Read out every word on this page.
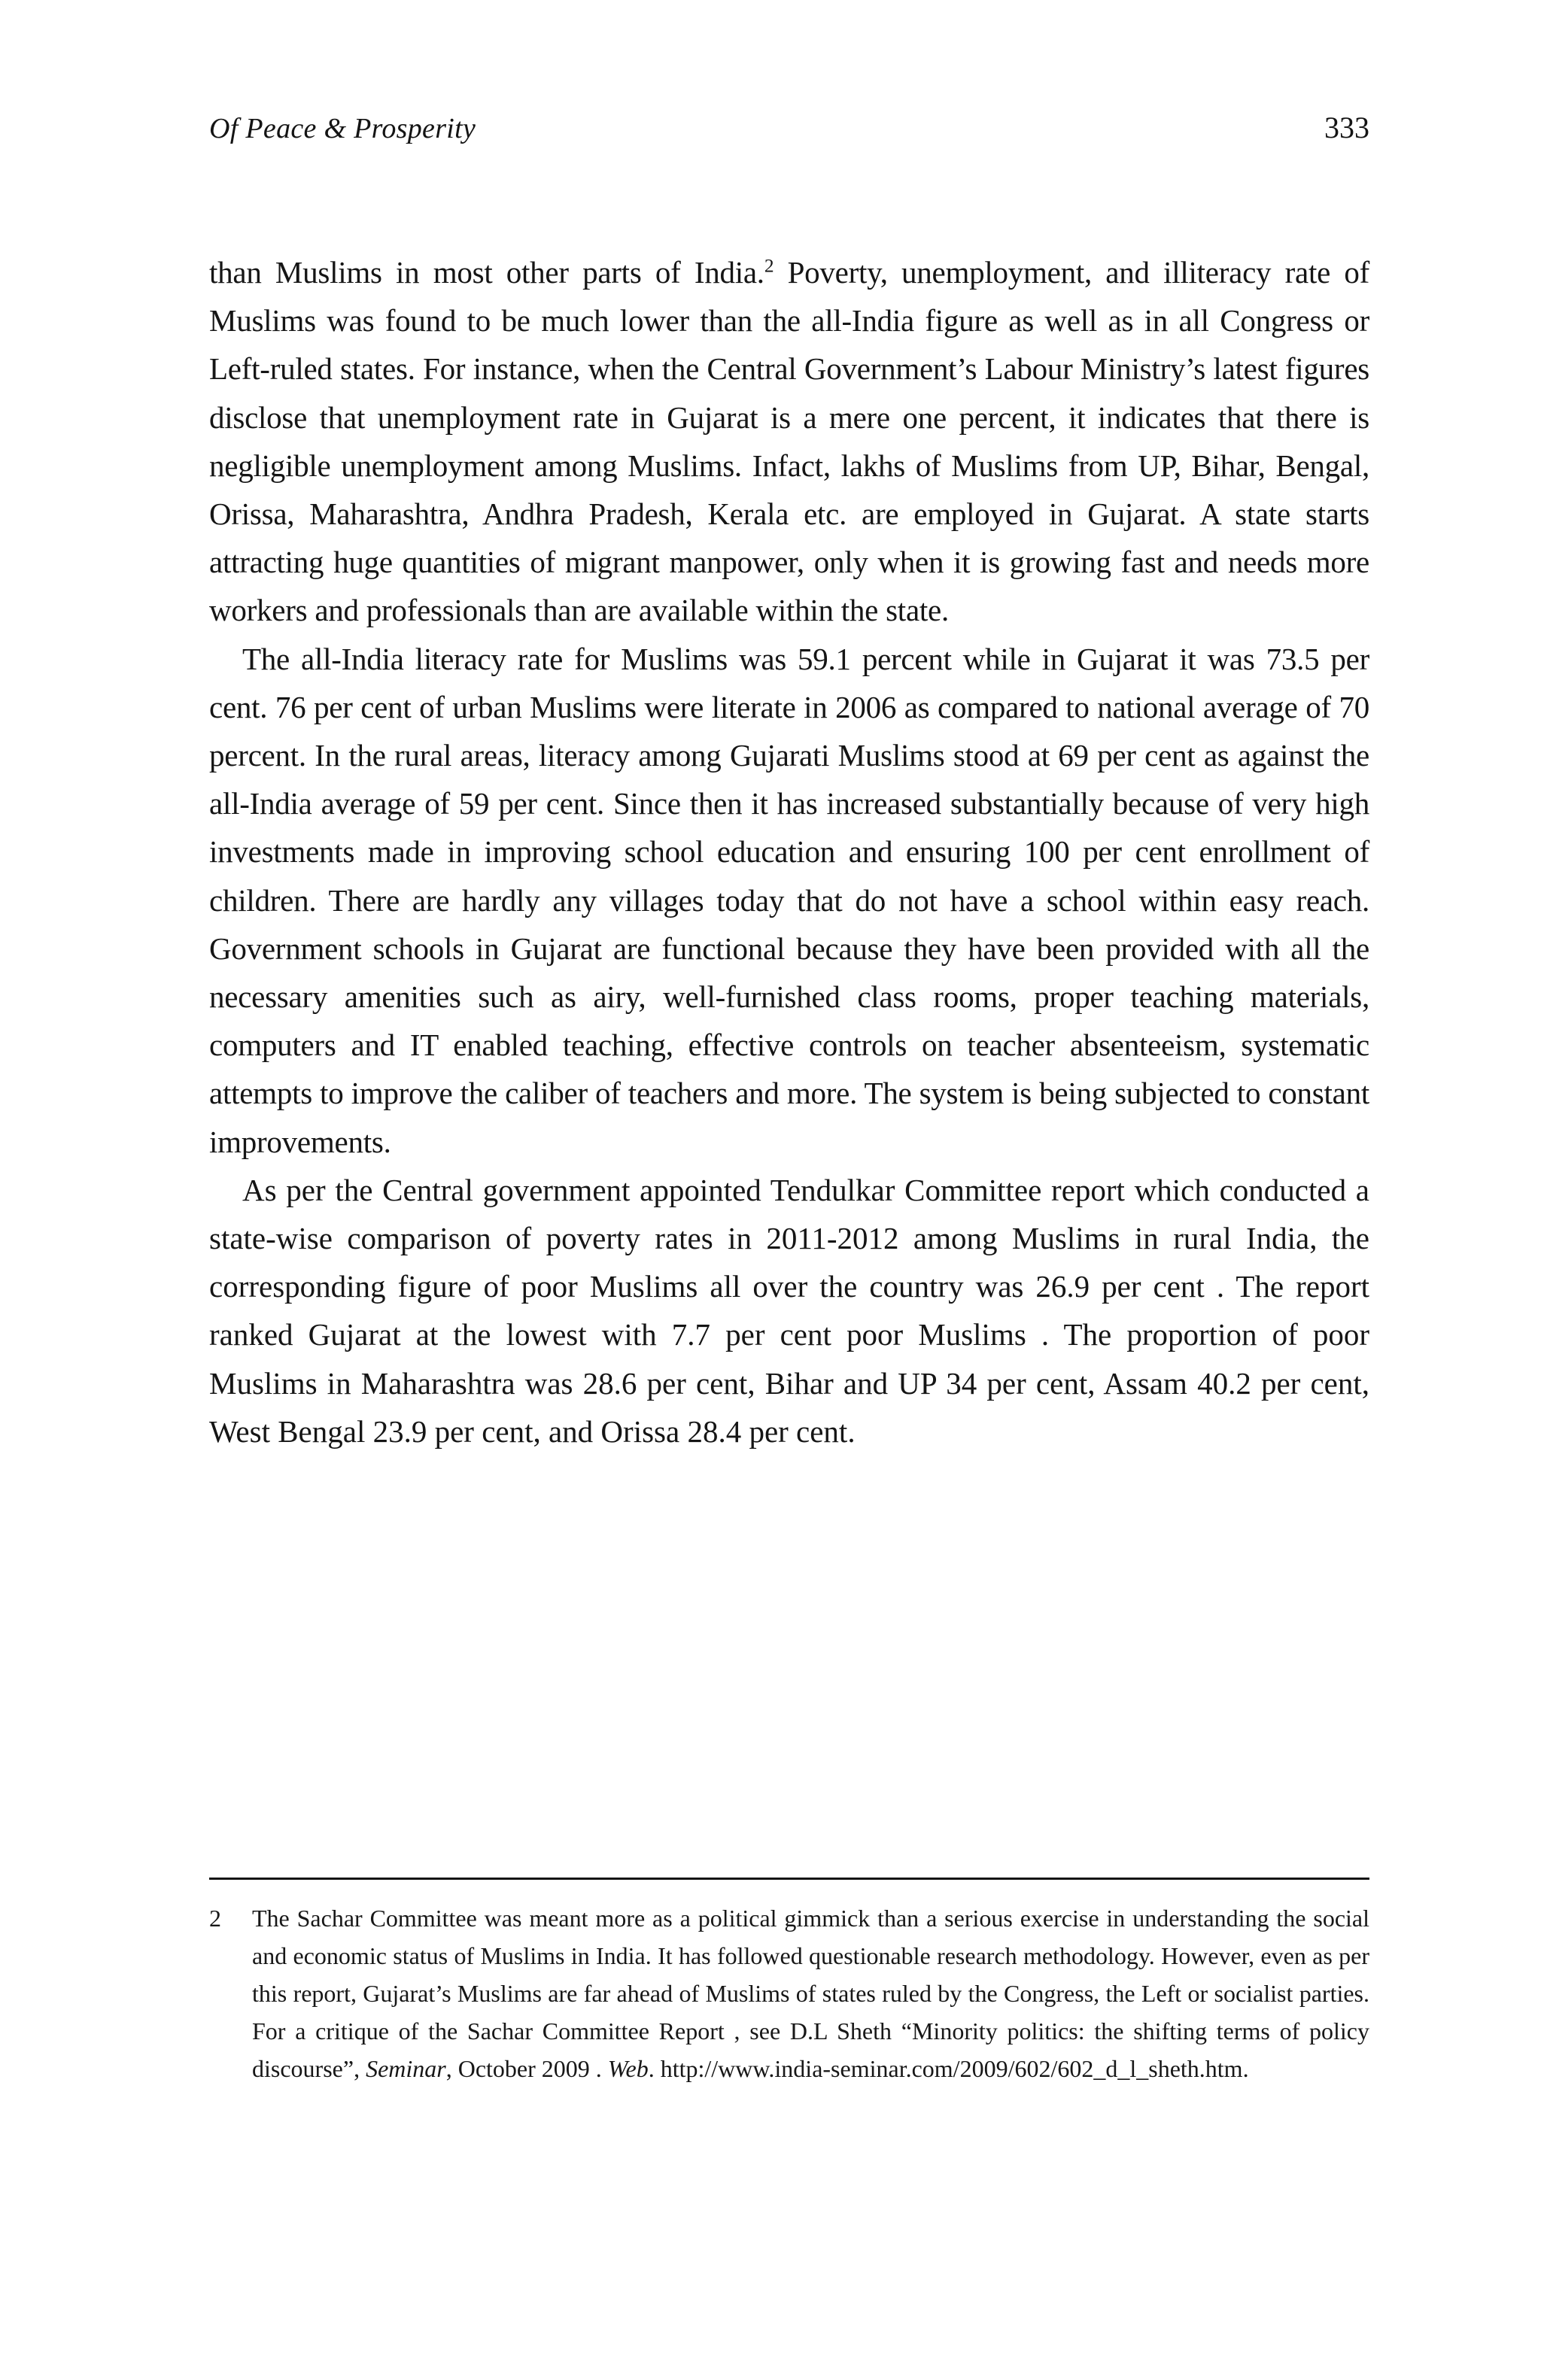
Of Peace & Prosperity	333

than Muslims in most other parts of India.$^2$ Poverty, unemployment, and illiteracy rate of Muslims was found to be much lower than the all-India figure as well as in all Congress or Left-ruled states. For instance, when the Central Government’s Labour Ministry’s latest figures disclose that unemployment rate in Gujarat is a mere one percent, it indicates that there is negligible unemployment among Muslims. Infact, lakhs of Muslims from UP, Bihar, Bengal, Orissa, Maharashtra, Andhra Pradesh, Kerala etc. are employed in Gujarat. A state starts attracting huge quantities of migrant manpower, only when it is growing fast and needs more workers and professionals than are available within the state.

The all-India literacy rate for Muslims was 59.1 percent while in Gujarat it was 73.5 per cent. 76 per cent of urban Muslims were literate in 2006 as compared to national average of 70 percent. In the rural areas, literacy among Gujarati Muslims stood at 69 per cent as against the all-India average of 59 per cent. Since then it has increased substantially because of very high investments made in improving school education and ensuring 100 per cent enrollment of children. There are hardly any villages today that do not have a school within easy reach. Government schools in Gujarat are functional because they have been provided with all the necessary amenities such as airy, well-furnished class rooms, proper teaching materials, computers and IT enabled teaching, effective controls on teacher absenteeism, systematic attempts to improve the caliber of teachers and more. The system is being subjected to constant improvements.

As per the Central government appointed Tendulkar Committee report which conducted a state-wise comparison of poverty rates in 2011-2012 among Muslims in rural India, the corresponding figure of poor Muslims all over the country was 26.9 per cent . The report ranked Gujarat at the lowest with 7.7 per cent poor Muslims . The proportion of poor Muslims in Maharashtra was 28.6 per cent, Bihar and UP 34 per cent, Assam 40.2 per cent, West Bengal 23.9 per cent, and Orissa 28.4 per cent.

2	The Sachar Committee was meant more as a political gimmick than a serious exercise in understanding the social and economic status of Muslims in India. It has followed questionable research methodology. However, even as per this report, Gujarat’s Muslims are far ahead of Muslims of states ruled by the Congress, the Left or socialist parties. For a critique of the Sachar Committee Report , see D.L Sheth “Minority politics: the shifting terms of policy discourse”, Seminar, October 2009 . Web. http://www.india-seminar.com/2009/602/602_d_l_sheth.htm.
